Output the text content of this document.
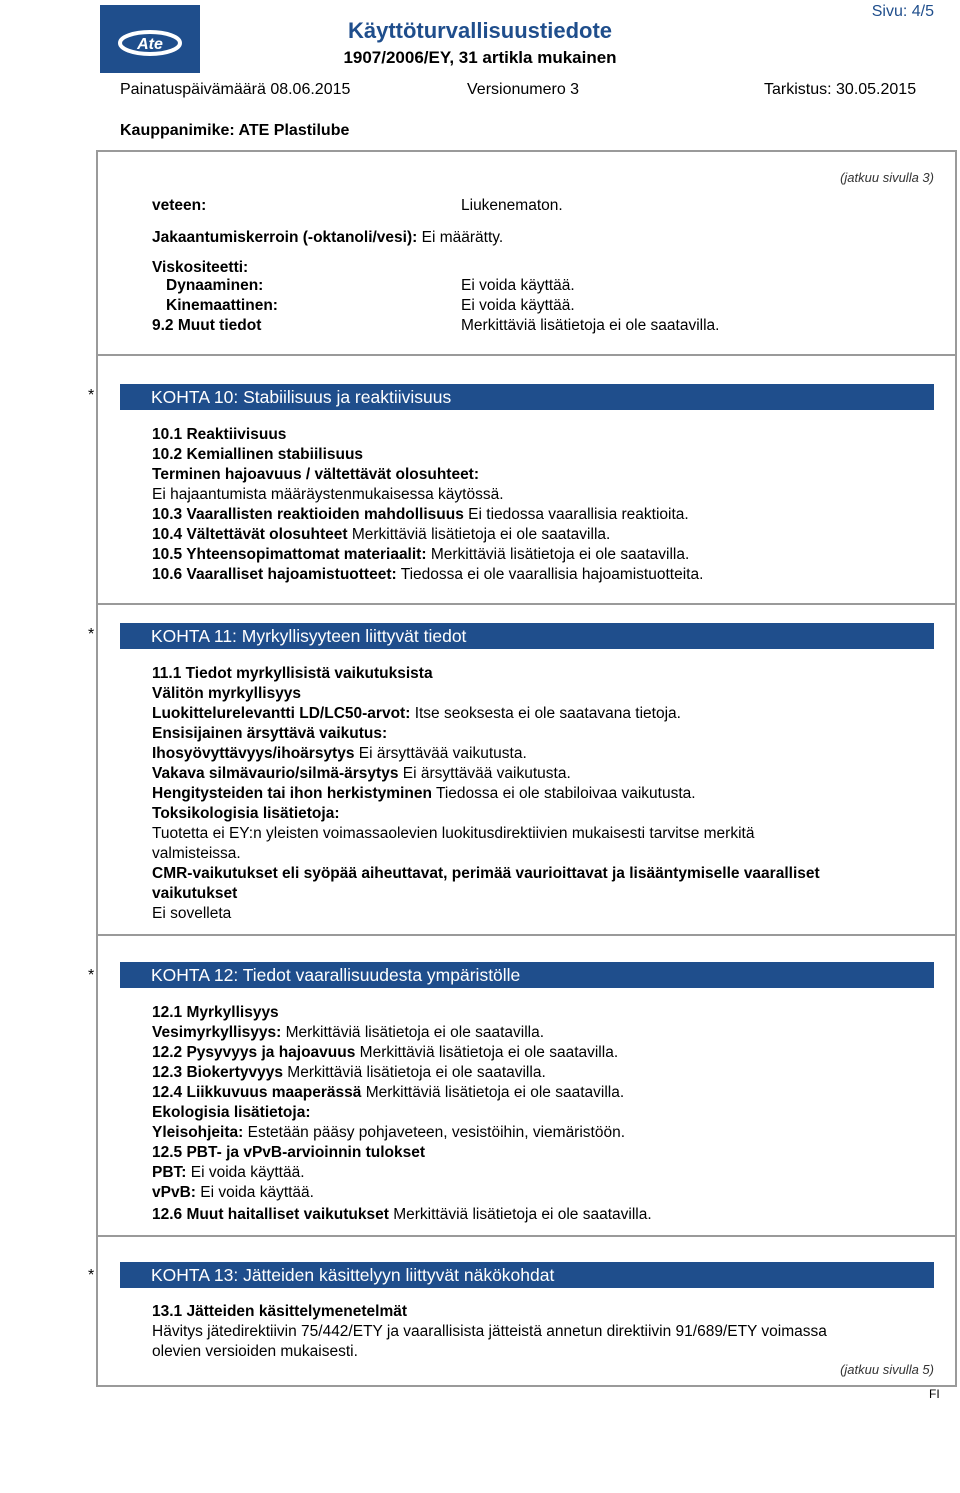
Ate
Käyttöturvallisuustiedote
1907/2006/EY, 31 artikla mukainen
Sivu: 4/5
Painatuspäivämäärä 08.06.2015	Versionumero 3	Tarkistus: 30.05.2015
Kauppanimike: ATE Plastilube
(jatkuu sivulla 3)
veteen:	Liukenematon.
Jakaantumiskerroin (-oktanoli/vesi): Ei määrätty.
Viskositeetti:
Dynaaminen:	Ei voida käyttää.
Kinemaattinen:	Ei voida käyttää.
9.2 Muut tiedot	Merkittäviä lisätietoja ei ole saatavilla.
*	KOHTA 10: Stabiilisuus ja reaktiivisuus
10.1 Reaktiivisuus
10.2 Kemiallinen stabiilisuus
Terminen hajoavuus / vältettävät olosuhteet:
Ei hajaantumista määräystenmukaisessa käytössä.
10.3 Vaarallisten reaktioiden mahdollisuus Ei tiedossa vaarallisia reaktioita.
10.4 Vältettävät olosuhteet Merkittäviä lisätietoja ei ole saatavilla.
10.5 Yhteensopimattomat materiaalit: Merkittäviä lisätietoja ei ole saatavilla.
10.6 Vaaralliset hajoamistuotteet: Tiedossa ei ole vaarallisia hajoamistuotteita.
*	KOHTA 11: Myrkyllisyyteen liittyvät tiedot
11.1 Tiedot myrkyllisistä vaikutuksista
Välitön myrkyllisyys
Luokittelurelevantti LD/LC50-arvot: Itse seoksesta ei ole saatavana tietoja.
Ensisijainen ärsyttävä vaikutus:
Ihosyövyttävyys/ihoärsytys Ei ärsyttävää vaikutusta.
Vakava silmävaurio/silmä-ärsytys Ei ärsyttävää vaikutusta.
Hengitysteiden tai ihon herkistyminen Tiedossa ei ole stabiloivaa vaikutusta.
Toksikologisia lisätietoja:
Tuotetta ei EY:n yleisten voimassaolevien luokitusdirektiivien mukaisesti tarvitse merkitä
valmisteissa.
CMR-vaikutukset eli syöpää aiheuttavat, perimää vaurioittavat ja lisääntymiselle vaaralliset
vaikutukset
Ei sovelleta
*	KOHTA 12: Tiedot vaarallisuudesta ympäristölle
12.1 Myrkyllisyys
Vesimyrkyllisyys: Merkittäviä lisätietoja ei ole saatavilla.
12.2 Pysyvyys ja hajoavuus Merkittäviä lisätietoja ei ole saatavilla.
12.3 Biokertyvyys Merkittäviä lisätietoja ei ole saatavilla.
12.4 Liikkuvuus maaperässä Merkittäviä lisätietoja ei ole saatavilla.
Ekologisia lisätietoja:
Yleisohjeita: Estetään pääsy pohjaveteen, vesistöihin, viemäristöön.
12.5 PBT- ja vPvB-arvioinnin tulokset
PBT: Ei voida käyttää.
vPvB: Ei voida käyttää.
12.6 Muut haitalliset vaikutukset Merkittäviä lisätietoja ei ole saatavilla.
*	KOHTA 13: Jätteiden käsittelyyn liittyvät näkökohdat
13.1 Jätteiden käsittelymenetelmät
Hävitys jätedirektiivin 75/442/ETY ja vaarallisista jätteistä annetun direktiivin 91/689/ETY voimassa
olevien versioiden mukaisesti.
(jatkuu sivulla 5)
FI
